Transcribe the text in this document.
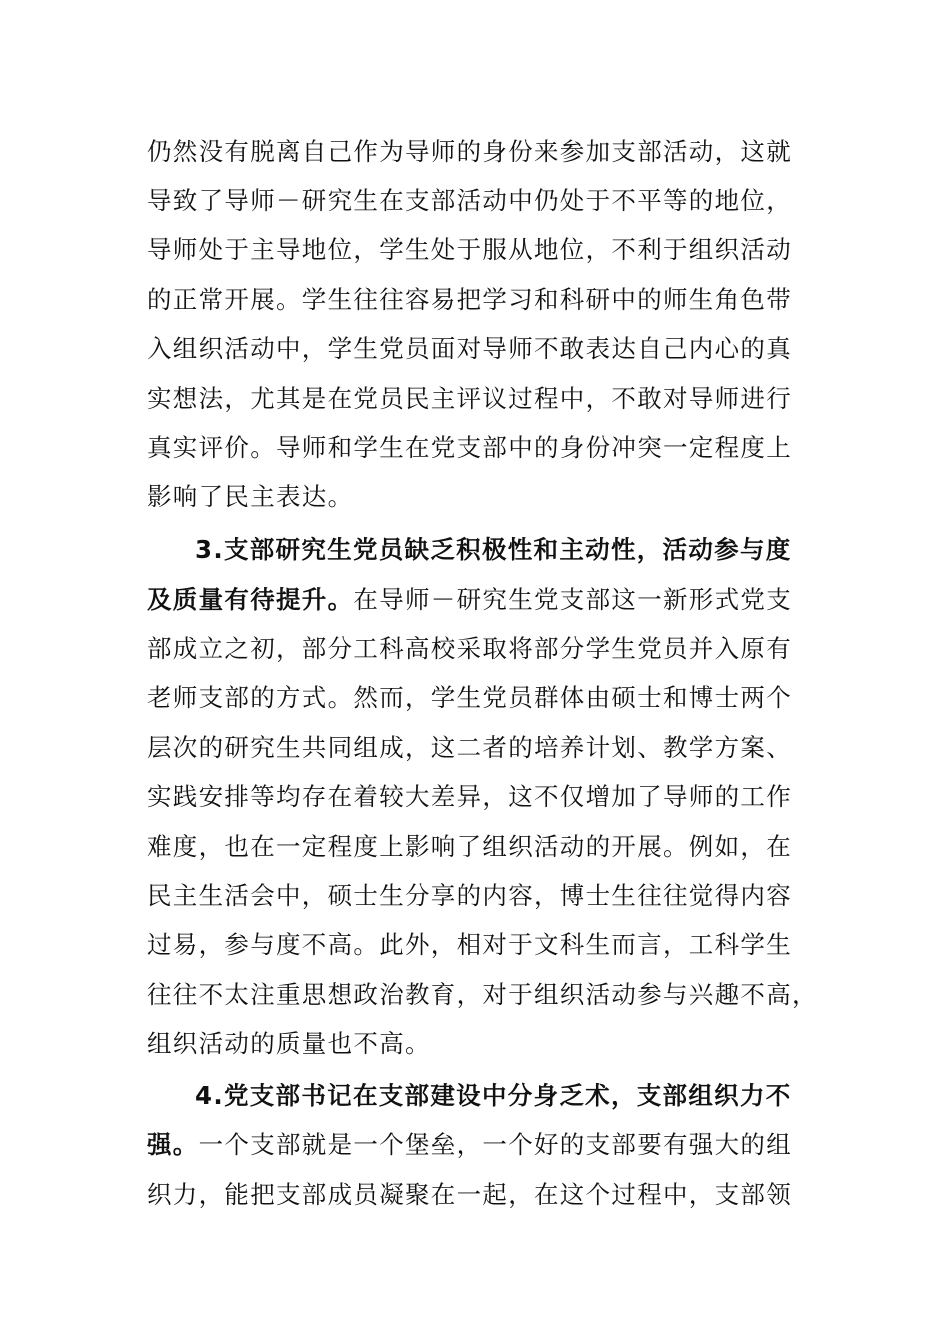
仍然没有脱离自己作为导师的身份来参加支部活动，这就
导致了导师－研究生在支部活动中仍处于不平等的地位，
导师处于主导地位，学生处于服从地位，不利于组织活动
的正常开展。学生往往容易把学习和科研中的师生角色带
入组织活动中，学生党员面对导师不敢表达自己内心的真
实想法，尤其是在党员民主评议过程中，不敢对导师进行
真实评价。导师和学生在党支部中的身份冲突一定程度上
影响了民主表达。
3.支部研究生党员缺乏积极性和主动性，活动参与度
及质量有待提升。在导师－研究生党支部这一新形式党支
部成立之初，部分工科高校采取将部分学生党员并入原有
老师支部的方式。然而，学生党员群体由硕士和博士两个
层次的研究生共同组成，这二者的培养计划、教学方案、
实践安排等均存在着较大差异，这不仅增加了导师的工作
难度，也在一定程度上影响了组织活动的开展。例如，在
民主生活会中，硕士生分享的内容，博士生往往觉得内容
过易，参与度不高。此外，相对于文科生而言，工科学生
往往不太注重思想政治教育，对于组织活动参与兴趣不高，
组织活动的质量也不高。
4.党支部书记在支部建设中分身乏术，支部组织力不
强。一个支部就是一个堡垒，一个好的支部要有强大的组
织力，能把支部成员凝聚在一起，在这个过程中，支部领
